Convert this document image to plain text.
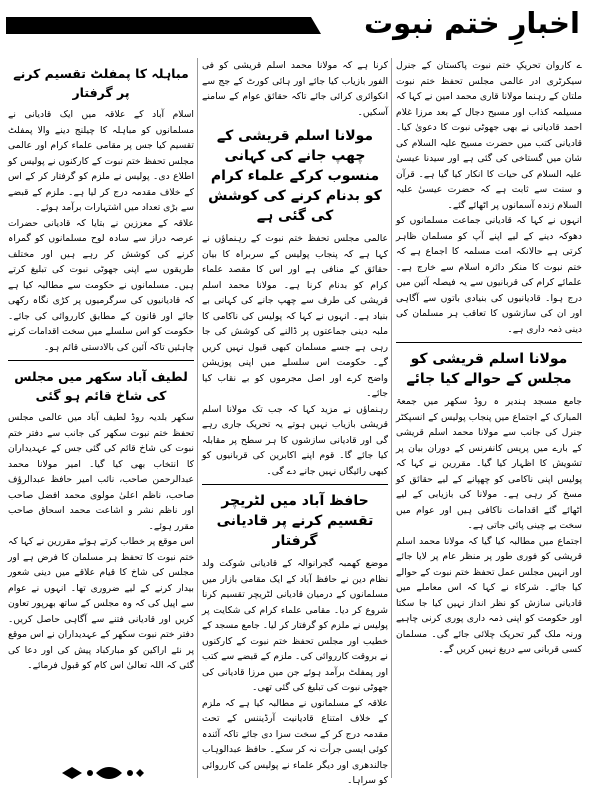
اخبارِ ختم نبوت

ے کاروان تحریکِ ختم نبوت پاکستان کے جنرل سیکرٹری ادر عالمی مجلس تحفظ ختم نبوت ملتان کے رہنما مولانا قاری محمد امین نے کہا کہ مسیلمہ کذاب اور مسیح دجال کے بعد مرزا غلام احمد قادیانی نے بھی جھوٹی نبوت کا دعویٰ کیا۔ قادیانی کتب میں حضرت مسیح علیہ السلام کی شان میں گستاخی کی گئی ہے اور سیدنا عیسیٰ علیہ السلام کی حیات کا انکار کیا گیا ہے۔ قرآن و سنت سے ثابت ہے کہ حضرت عیسیٰ علیہ السلام زندہ آسمانوں پر اٹھائے گئے۔

انہوں نے کہا کہ قادیانی جماعت مسلمانوں کو دھوکہ دینے کے لیے اپنے آپ کو مسلمان ظاہر کرتی ہے حالانکہ امت مسلمہ کا اجماع ہے کہ ختم نبوت کا منکر دائرہ اسلام سے خارج ہے۔ علمائے کرام کی قربانیوں سے یہ فیصلہ آئین میں درج ہوا۔ قادیانیوں کی بنیادی باتوں سے آگاہی اور ان کی سازشوں کا تعاقب ہر مسلمان کی دینی ذمہ داری ہے۔

مولانا اسلم قریشی کو مجلس کے حوالے کیا جائے

جامع مسجد ہندیر ہ روڈ سکھر میں جمعۃ المبارک کے اجتماع میں پنجاب پولیس کے انسپکٹر جنرل کی جانب سے مولانا محمد اسلم قریشی کے بارے میں پریس کانفرنس کے دوران بیان پر تشویش کا اظہار کیا گیا۔ مقررین نے کہا کہ پولیس اپنی ناکامی کو چھپانے کے لیے حقائق کو مسخ کر رہی ہے۔ مولانا کی بازیابی کے لیے اٹھائے گئے اقدامات ناکافی ہیں اور عوام میں سخت بے چینی پائی جاتی ہے۔

اجتماع میں مطالبہ کیا گیا کہ مولانا محمد اسلم قریشی کو فوری طور پر منظر عام پر لایا جائے اور انہیں مجلس عمل تحفظ ختم نبوت کے حوالے کیا جائے۔ شرکاء نے کہا کہ اس معاملے میں قادیانی سازش کو نظر انداز نہیں کیا جا سکتا اور حکومت کو اپنی ذمہ داری پوری کرنی چاہیے ورنہ ملک گیر تحریک چلائی جائے گی۔ مسلمان کسی قربانی سے دریغ نہیں کریں گے۔

کرنا ہے کہ مولانا محمد اسلم قریشی کو فی الفور بازیاب کیا جائے اور ہائی کورٹ کے جج سے انکوائری کرائی جائے تاکہ حقائق عوام کے سامنے آسکیں۔

مولانا اسلم قریشی کے چھپ جانے کی کہانی منسوب کرکے علماء کرام کو بدنام کرنے کی کوشش کی گئی ہے

عالمی مجلس تحفظ ختم نبوت کے رہنماؤں نے کہا ہے کہ پنجاب پولیس کے سربراہ کا بیان حقائق کے منافی ہے اور اس کا مقصد علماء کرام کو بدنام کرنا ہے۔ مولانا محمد اسلم قریشی کی طرف سے چھپ جانے کی کہانی بے بنیاد ہے۔ انہوں نے کہا کہ پولیس کی ناکامی کا ملبہ دینی جماعتوں پر ڈالنے کی کوشش کی جا رہی ہے جسے مسلمان کبھی قبول نہیں کریں گے۔ حکومت اس سلسلے میں اپنی پوزیشن واضح کرے اور اصل مجرموں کو بے نقاب کیا جائے۔

رہنماؤں نے مزید کہا کہ جب تک مولانا اسلم قریشی بازیاب نہیں ہوتے یہ تحریک جاری رہے گی اور قادیانی سازشوں کا ہر سطح پر مقابلہ کیا جائے گا۔ قوم اپنے اکابرین کی قربانیوں کو کبھی رائیگاں نہیں جانے دے گی۔

حافظ آباد میں لٹریچر تقسیم کرنے پر قادیانی گرفتار

موضع کھمبہ گجرانوالہ کے قادیانی شوکت ولد نظام دین نے حافظ آباد کے ایک مقامی بازار میں مسلمانوں کے درمیان قادیانی لٹریچر تقسیم کرنا شروع کر دیا۔ مقامی علماء کرام کی شکایت پر پولیس نے ملزم کو گرفتار کر لیا۔ جامع مسجد کے خطیب اور مجلس تحفظ ختم نبوت کے کارکنوں نے بروقت کارروائی کی۔ ملزم کے قبضے سے کتب اور پمفلٹ برآمد ہوئے جن میں مرزا قادیانی کی جھوٹی نبوت کی تبلیغ کی گئی تھی۔

علاقہ کے مسلمانوں نے مطالبہ کیا ہے کہ ملزم کے خلاف امتناع قادیانیت آرڈیننس کے تحت مقدمہ درج کر کے سخت سزا دی جائے تاکہ آئندہ کوئی ایسی جرأت نہ کر سکے۔ حافظ عبدالوہاب جالندھری اور دیگر علماء نے پولیس کی کارروائی کو سراہا۔

مباہلہ کا پمفلٹ تقسیم کرنے پر گرفتار

اسلام آباد کے علاقہ میں ایک قادیانی نے مسلمانوں کو مباہلہ کا چیلنج دینے والا پمفلٹ تقسیم کیا جس پر مقامی علماء کرام اور عالمی مجلس تحفظ ختم نبوت کے کارکنوں نے پولیس کو اطلاع دی۔ پولیس نے ملزم کو گرفتار کر کے اس کے خلاف مقدمہ درج کر لیا ہے۔ ملزم کے قبضے سے بڑی تعداد میں اشتہارات برآمد ہوئے۔

علاقہ کے معززین نے بتایا کہ قادیانی حضرات عرصہ دراز سے سادہ لوح مسلمانوں کو گمراہ کرنے کی کوشش کر رہے ہیں اور مختلف طریقوں سے اپنی جھوٹی نبوت کی تبلیغ کرتے ہیں۔ مسلمانوں نے حکومت سے مطالبہ کیا ہے کہ قادیانیوں کی سرگرمیوں پر کڑی نگاہ رکھی جائے اور قانون کے مطابق کارروائی کی جائے۔ حکومت کو اس سلسلے میں سخت اقدامات کرنے چاہئیں تاکہ آئین کی بالادستی قائم ہو۔

لطیف آباد سکھر میں مجلس کی شاخ قائم ہو گئی

سکھر بلدیہ روڈ لطیف آباد میں عالمی مجلس تحفظ ختم نبوت سکھر کی جانب سے دفتر ختم نبوت کی شاخ قائم کی گئی جس کے عہدیداران کا انتخاب بھی کیا گیا۔ امیر مولانا محمد عبدالرحمن صاحب، نائب امیر حافظ عبدالرؤف صاحب، ناظم اعلیٰ مولوی محمد افضل صاحب اور ناظم نشر و اشاعت محمد اسحاق صاحب مقرر ہوئے۔

اس موقع پر خطاب کرتے ہوئے مقررین نے کہا کہ ختم نبوت کا تحفظ ہر مسلمان کا فرض ہے اور مجلس کی شاخ کا قیام علاقے میں دینی شعور بیدار کرنے کے لیے ضروری تھا۔ انہوں نے عوام سے اپیل کی کہ وہ مجلس کے ساتھ بھرپور تعاون کریں اور قادیانی فتنے سے آگاہی حاصل کریں۔ دفتر ختم نبوت سکھر کے عہدیداران نے اس موقع پر نئے اراکین کو مبارکباد پیش کی اور دعا کی گئی کہ اللہ تعالیٰ اس کام کو قبول فرمائے۔
